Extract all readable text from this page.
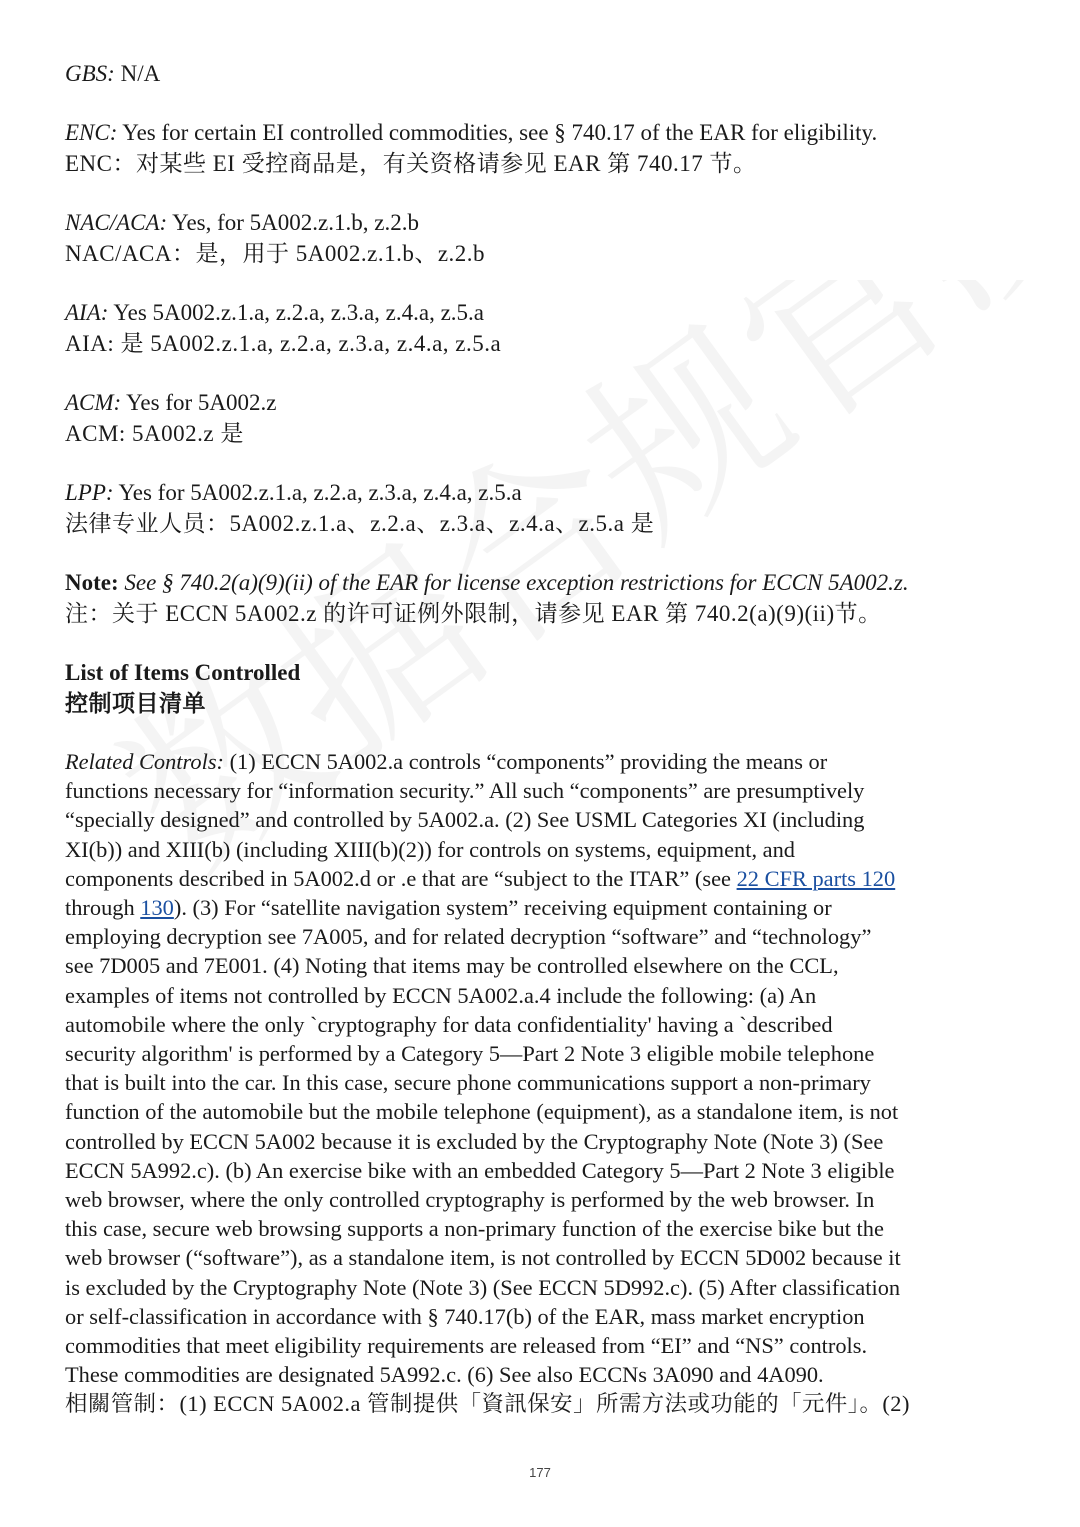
GBS: N/A
ENC: Yes for certain EI controlled commodities, see § 740.17 of the EAR for eligibility.
ENC：对某些 EI 受控商品是，有关资格请参见 EAR 第 740.17 节。
NAC/ACA: Yes, for 5A002.z.1.b, z.2.b
NAC/ACA：是，用于 5A002.z.1.b、z.2.b
AIA: Yes 5A002.z.1.a, z.2.a, z.3.a, z.4.a, z.5.a
AIA: 是 5A002.z.1.a, z.2.a, z.3.a, z.4.a, z.5.a
ACM: Yes for 5A002.z
ACM: 5A002.z 是
LPP: Yes for 5A002.z.1.a, z.2.a, z.3.a, z.4.a, z.5.a
法律专业人员：5A002.z.1.a、z.2.a、z.3.a、z.4.a、z.5.a 是
Note: See § 740.2(a)(9)(ii) of the EAR for license exception restrictions for ECCN 5A002.z.
注：关于 ECCN 5A002.z 的许可证例外限制，请参见 EAR 第 740.2(a)(9)(ii)节。
List of Items Controlled
控制项目清单
Related Controls: (1) ECCN 5A002.a controls “components” providing the means or
functions necessary for “information security.” All such “components” are presumptively
“specially designed” and controlled by 5A002.a. (2) See USML Categories XI (including
XI(b)) and XIII(b) (including XIII(b)(2)) for controls on systems, equipment, and
components described in 5A002.d or .e that are “subject to the ITAR” (see 22 CFR parts 120
through 130). (3) For “satellite navigation system” receiving equipment containing or
employing decryption see 7A005, and for related decryption “software” and “technology”
see 7D005 and 7E001. (4) Noting that items may be controlled elsewhere on the CCL,
examples of items not controlled by ECCN 5A002.a.4 include the following: (a) An
automobile where the only `cryptography for data confidentiality' having a `described
security algorithm' is performed by a Category 5—Part 2 Note 3 eligible mobile telephone
that is built into the car. In this case, secure phone communications support a non-primary
function of the automobile but the mobile telephone (equipment), as a standalone item, is not
controlled by ECCN 5A002 because it is excluded by the Cryptography Note (Note 3) (See
ECCN 5A992.c). (b) An exercise bike with an embedded Category 5—Part 2 Note 3 eligible
web browser, where the only controlled cryptography is performed by the web browser. In
this case, secure web browsing supports a non-primary function of the exercise bike but the
web browser (“software”), as a standalone item, is not controlled by ECCN 5D002 because it
is excluded by the Cryptography Note (Note 3) (See ECCN 5D992.c). (5) After classification
or self-classification in accordance with § 740.17(b) of the EAR, mass market encryption
commodities that meet eligibility requirements are released from “EI” and “NS” controls.
These commodities are designated 5A992.c. (6) See also ECCNs 3A090 and 4A090.
相關管制：(1) ECCN 5A002.a 管制提供「資訊保安」所需方法或功能的「元件」。(2)
177
